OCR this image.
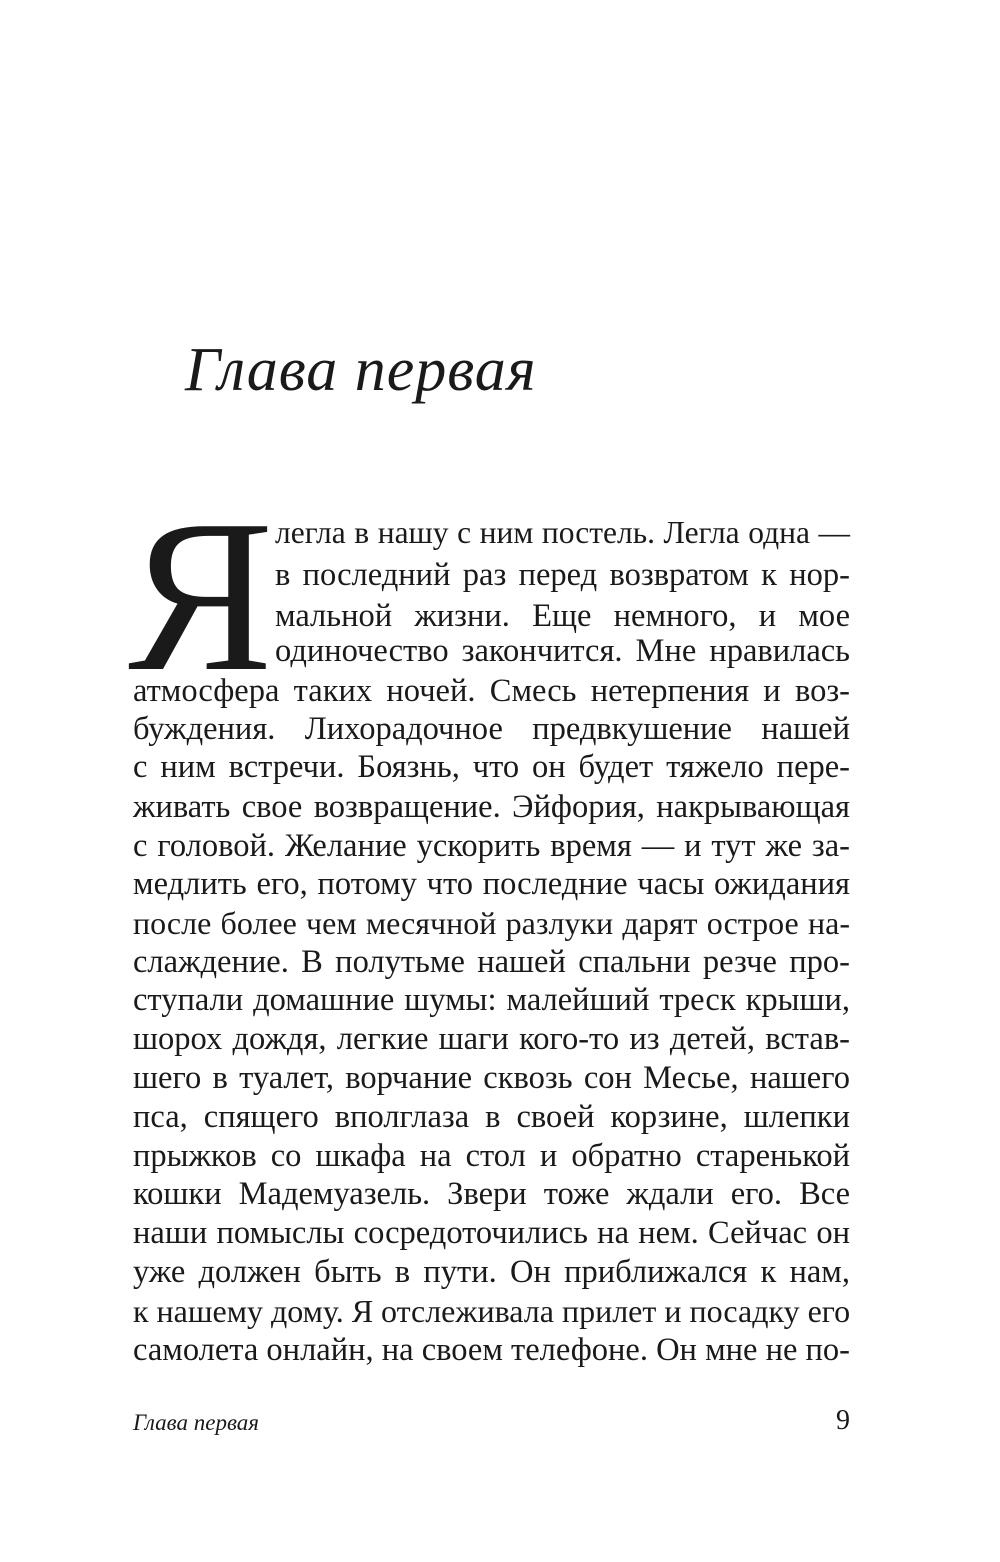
Глава первая
Я легла в нашу с ним постель. Легла одна —
в последний раз перед возвратом к нор-
мальной жизни. Еще немного, и мое
одиночество закончится. Мне нравилась
атмосфера таких ночей. Смесь нетерпения и воз-
буждения. Лихорадочное предвкушение нашей
с ним встречи. Боязнь, что он будет тяжело пере-
живать свое возвращение. Эйфория, накрывающая
с головой. Желание ускорить время — и тут же за-
медлить его, потому что последние часы ожидания
после более чем месячной разлуки дарят острое на-
слаждение. В полутьме нашей спальни резче про-
ступали домашние шумы: малейший треск крыши,
шорох дождя, легкие шаги кого-то из детей, встав-
шего в туалет, ворчание сквозь сон Месье, нашего
пса, спящего вполглаза в своей корзине, шлепки
прыжков со шкафа на стол и обратно старенькой
кошки Мадемуазель. Звери тоже ждали его. Все
наши помыслы сосредоточились на нем. Сейчас он
уже должен быть в пути. Он приближался к нам,
к нашему дому. Я отслеживала прилет и посадку его
самолета онлайн, на своем телефоне. Он мне не по-
Глава первая	9
